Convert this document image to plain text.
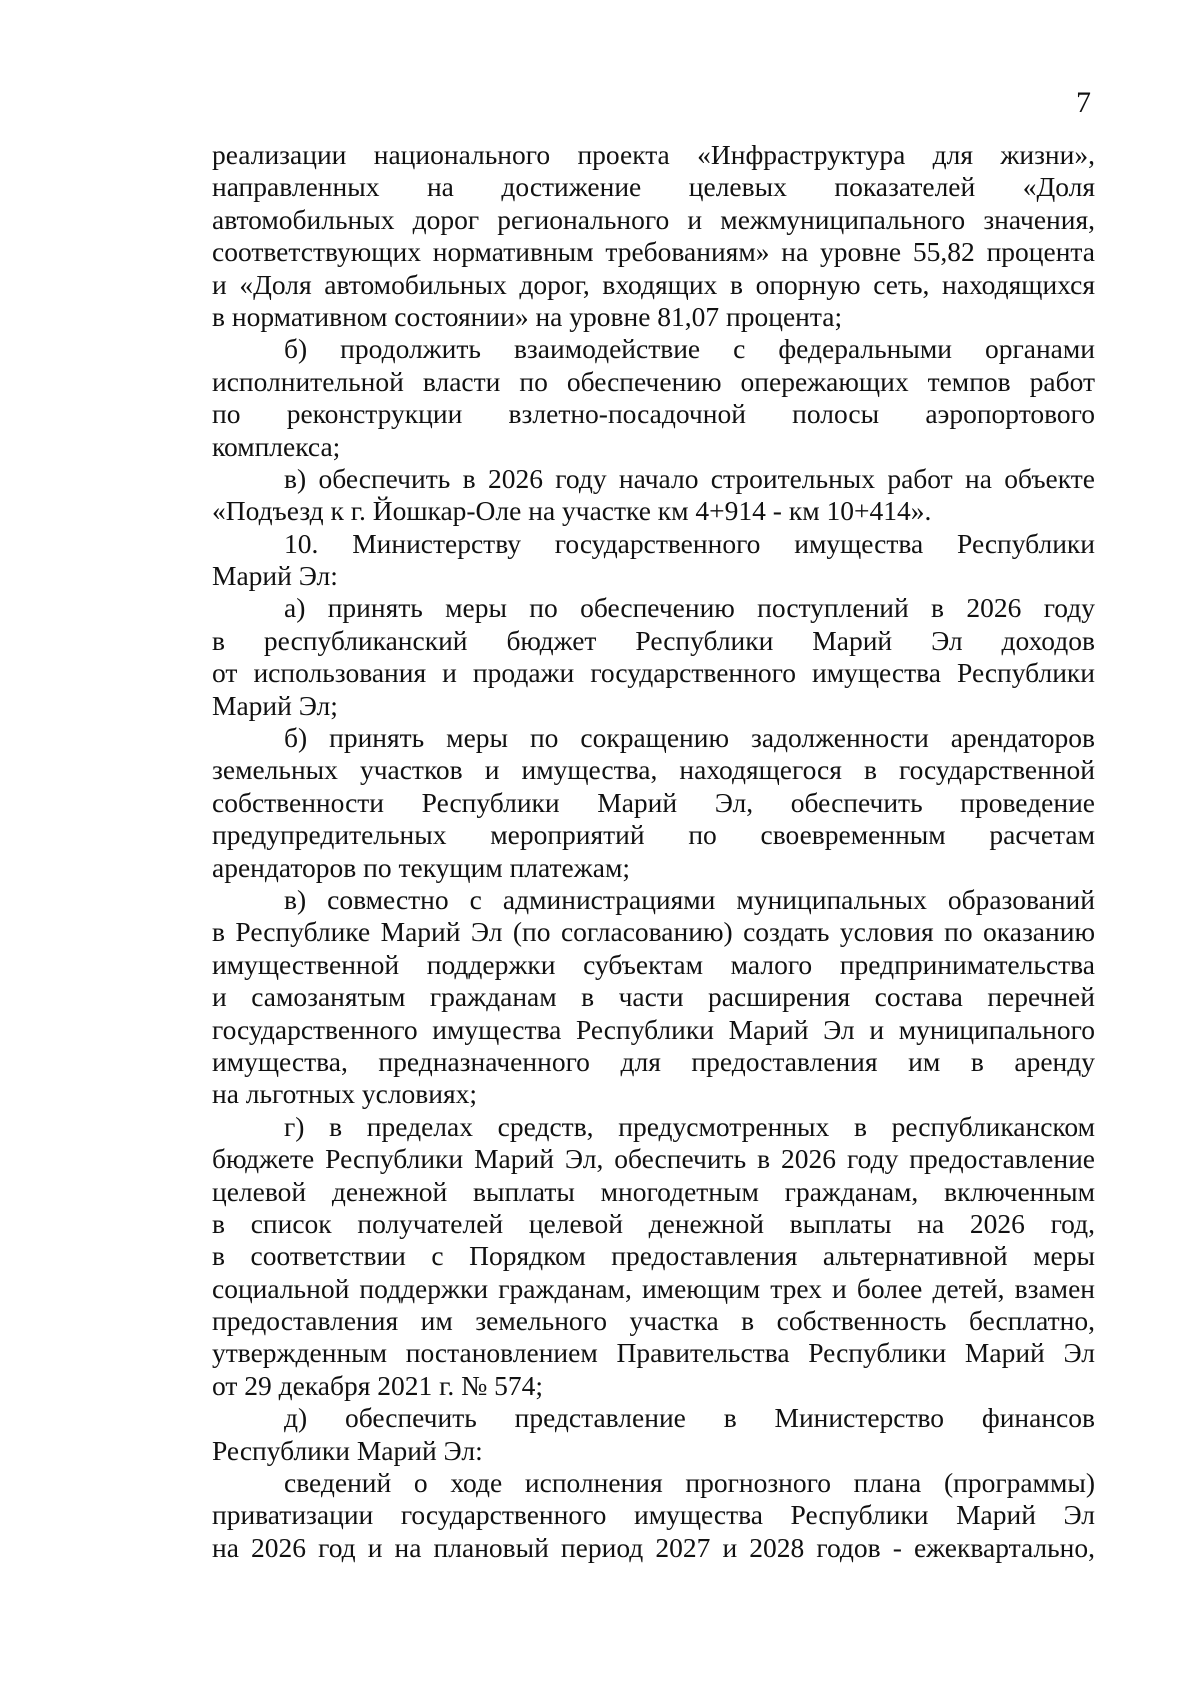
7
реализации национального проекта «Инфраструктура для жизни»,
направленных на достижение целевых показателей «Доля
автомобильных дорог регионального и межмуниципального значения,
соответствующих нормативным требованиям» на уровне 55,82 процента
и «Доля автомобильных дорог, входящих в опорную сеть, находящихся
в нормативном состоянии» на уровне 81,07 процента;
б) продолжить взаимодействие с федеральными органами
исполнительной власти по обеспечению опережающих темпов работ
по реконструкции взлетно-посадочной полосы аэропортового
комплекса;
в) обеспечить в 2026 году начало строительных работ на объекте
«Подъезд к г. Йошкар-Оле на участке км 4+914 - км 10+414».
10. Министерству государственного имущества Республики
Марий Эл:
а) принять меры по обеспечению поступлений в 2026 году
в республиканский бюджет Республики Марий Эл доходов
от использования и продажи государственного имущества Республики
Марий Эл;
б) принять меры по сокращению задолженности арендаторов
земельных участков и имущества, находящегося в государственной
собственности Республики Марий Эл, обеспечить проведение
предупредительных мероприятий по своевременным расчетам
арендаторов по текущим платежам;
в) совместно с администрациями муниципальных образований
в Республике Марий Эл (по согласованию) создать условия по оказанию
имущественной поддержки субъектам малого предпринимательства
и самозанятым гражданам в части расширения состава перечней
государственного имущества Республики Марий Эл и муниципального
имущества, предназначенного для предоставления им в аренду
на льготных условиях;
г) в пределах средств, предусмотренных в республиканском
бюджете Республики Марий Эл, обеспечить в 2026 году предоставление
целевой денежной выплаты многодетным гражданам, включенным
в список получателей целевой денежной выплаты на 2026 год,
в соответствии с Порядком предоставления альтернативной меры
социальной поддержки гражданам, имеющим трех и более детей, взамен
предоставления им земельного участка в собственность бесплатно,
утвержденным постановлением Правительства Республики Марий Эл
от 29 декабря 2021 г. № 574;
д) обеспечить представление в Министерство финансов
Республики Марий Эл:
сведений о ходе исполнения прогнозного плана (программы)
приватизации государственного имущества Республики Марий Эл
на 2026 год и на плановый период 2027 и 2028 годов - ежеквартально,
